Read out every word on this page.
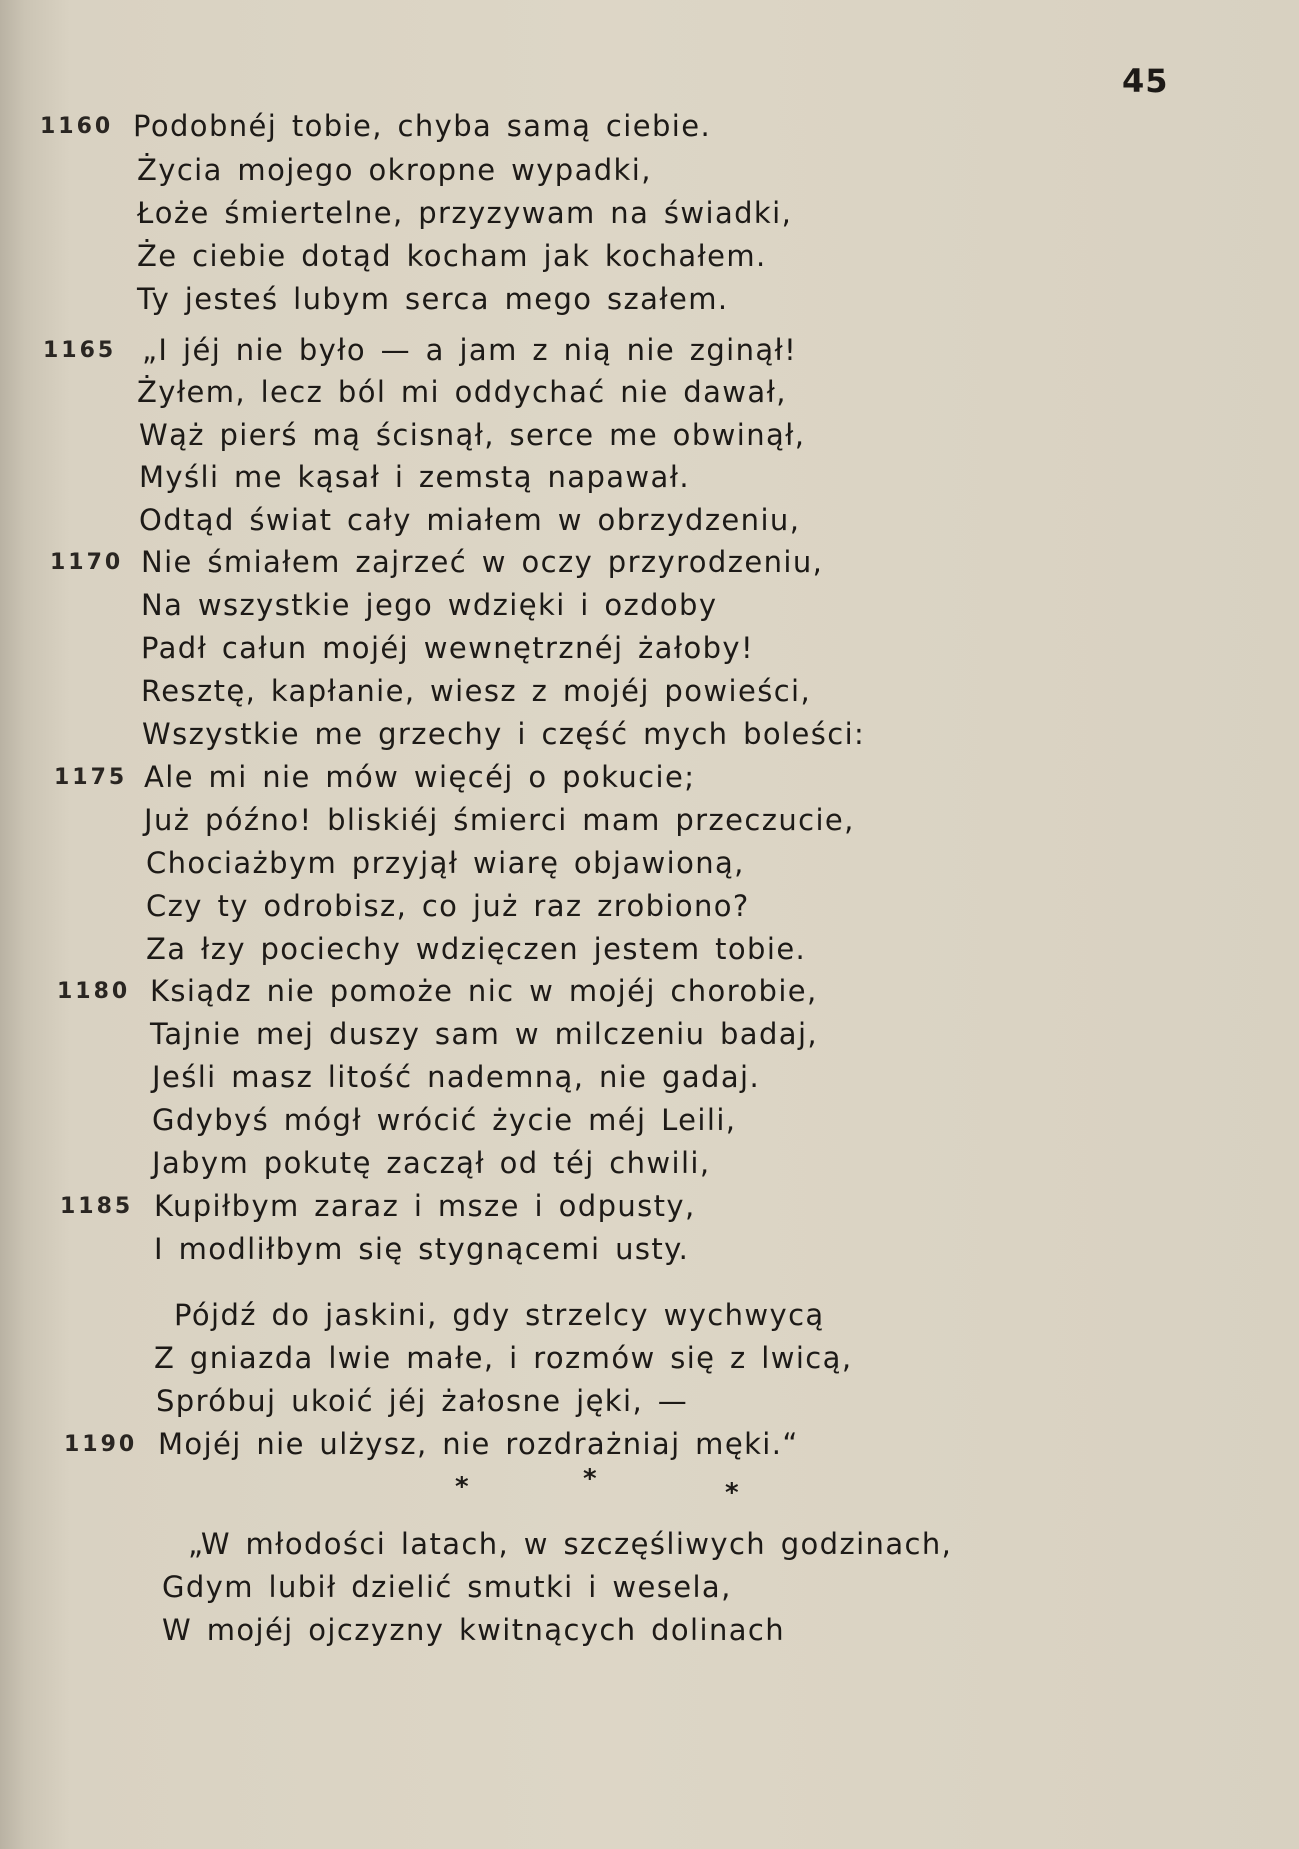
45
1160 Podobnéj tobie, chyba samą ciebie.
Życia mojego okropne wypadki,
Łoże śmiertelne, przyzywam na świadki,
Że ciebie dotąd kocham jak kochałem.
Ty jesteś lubym serca mego szałem.
1165 „I jéj nie było — a jam z nią nie zginął!
Żyłem, lecz ból mi oddychać nie dawał,
Wąż pierś mą ścisnął, serce me obwinął,
Myśli me kąsał i zemstą napawał.
Odtąd świat cały miałem w obrzydzeniu,
1170 Nie śmiałem zajrzeć w oczy przyrodzeniu,
Na wszystkie jego wdzięki i ozdoby
Padł całun mojéj wewnętrznéj żałoby!
Resztę, kapłanie, wiesz z mojéj powieści,
Wszystkie me grzechy i część mych boleści:
1175 Ale mi nie mów więcéj o pokucie;
Już późno! bliskiéj śmierci mam przeczucie,
Chociażbym przyjął wiarę objawioną,
Czy ty odrobisz, co już raz zrobiono?
Za łzy pociechy wdzięczen jestem tobie.
1180 Ksiądz nie pomoże nic w mojéj chorobie,
Tajnie mej duszy sam w milczeniu badaj,
Jeśli masz litość nademną, nie gadaj.
Gdybyś mógł wrócić życie méj Leili,
Jabym pokutę zaczął od téj chwili,
1185 Kupiłbym zaraz i msze i odpusty,
I modliłbym się stygnącemi usty.
Pójdź do jaskini, gdy strzelcy wychwycą
Z gniazda lwie małe, i rozmów się z lwicą,
Spróbuj ukoić jéj żałosne jęki, —
1190 Mojéj nie ulżysz, nie rozdrażniaj męki.“
„W młodości latach, w szczęśliwych godzinach,
Gdym lubił dzielić smutki i wesela,
W mojéj ojczyzny kwitnących dolinach
*	*	*
